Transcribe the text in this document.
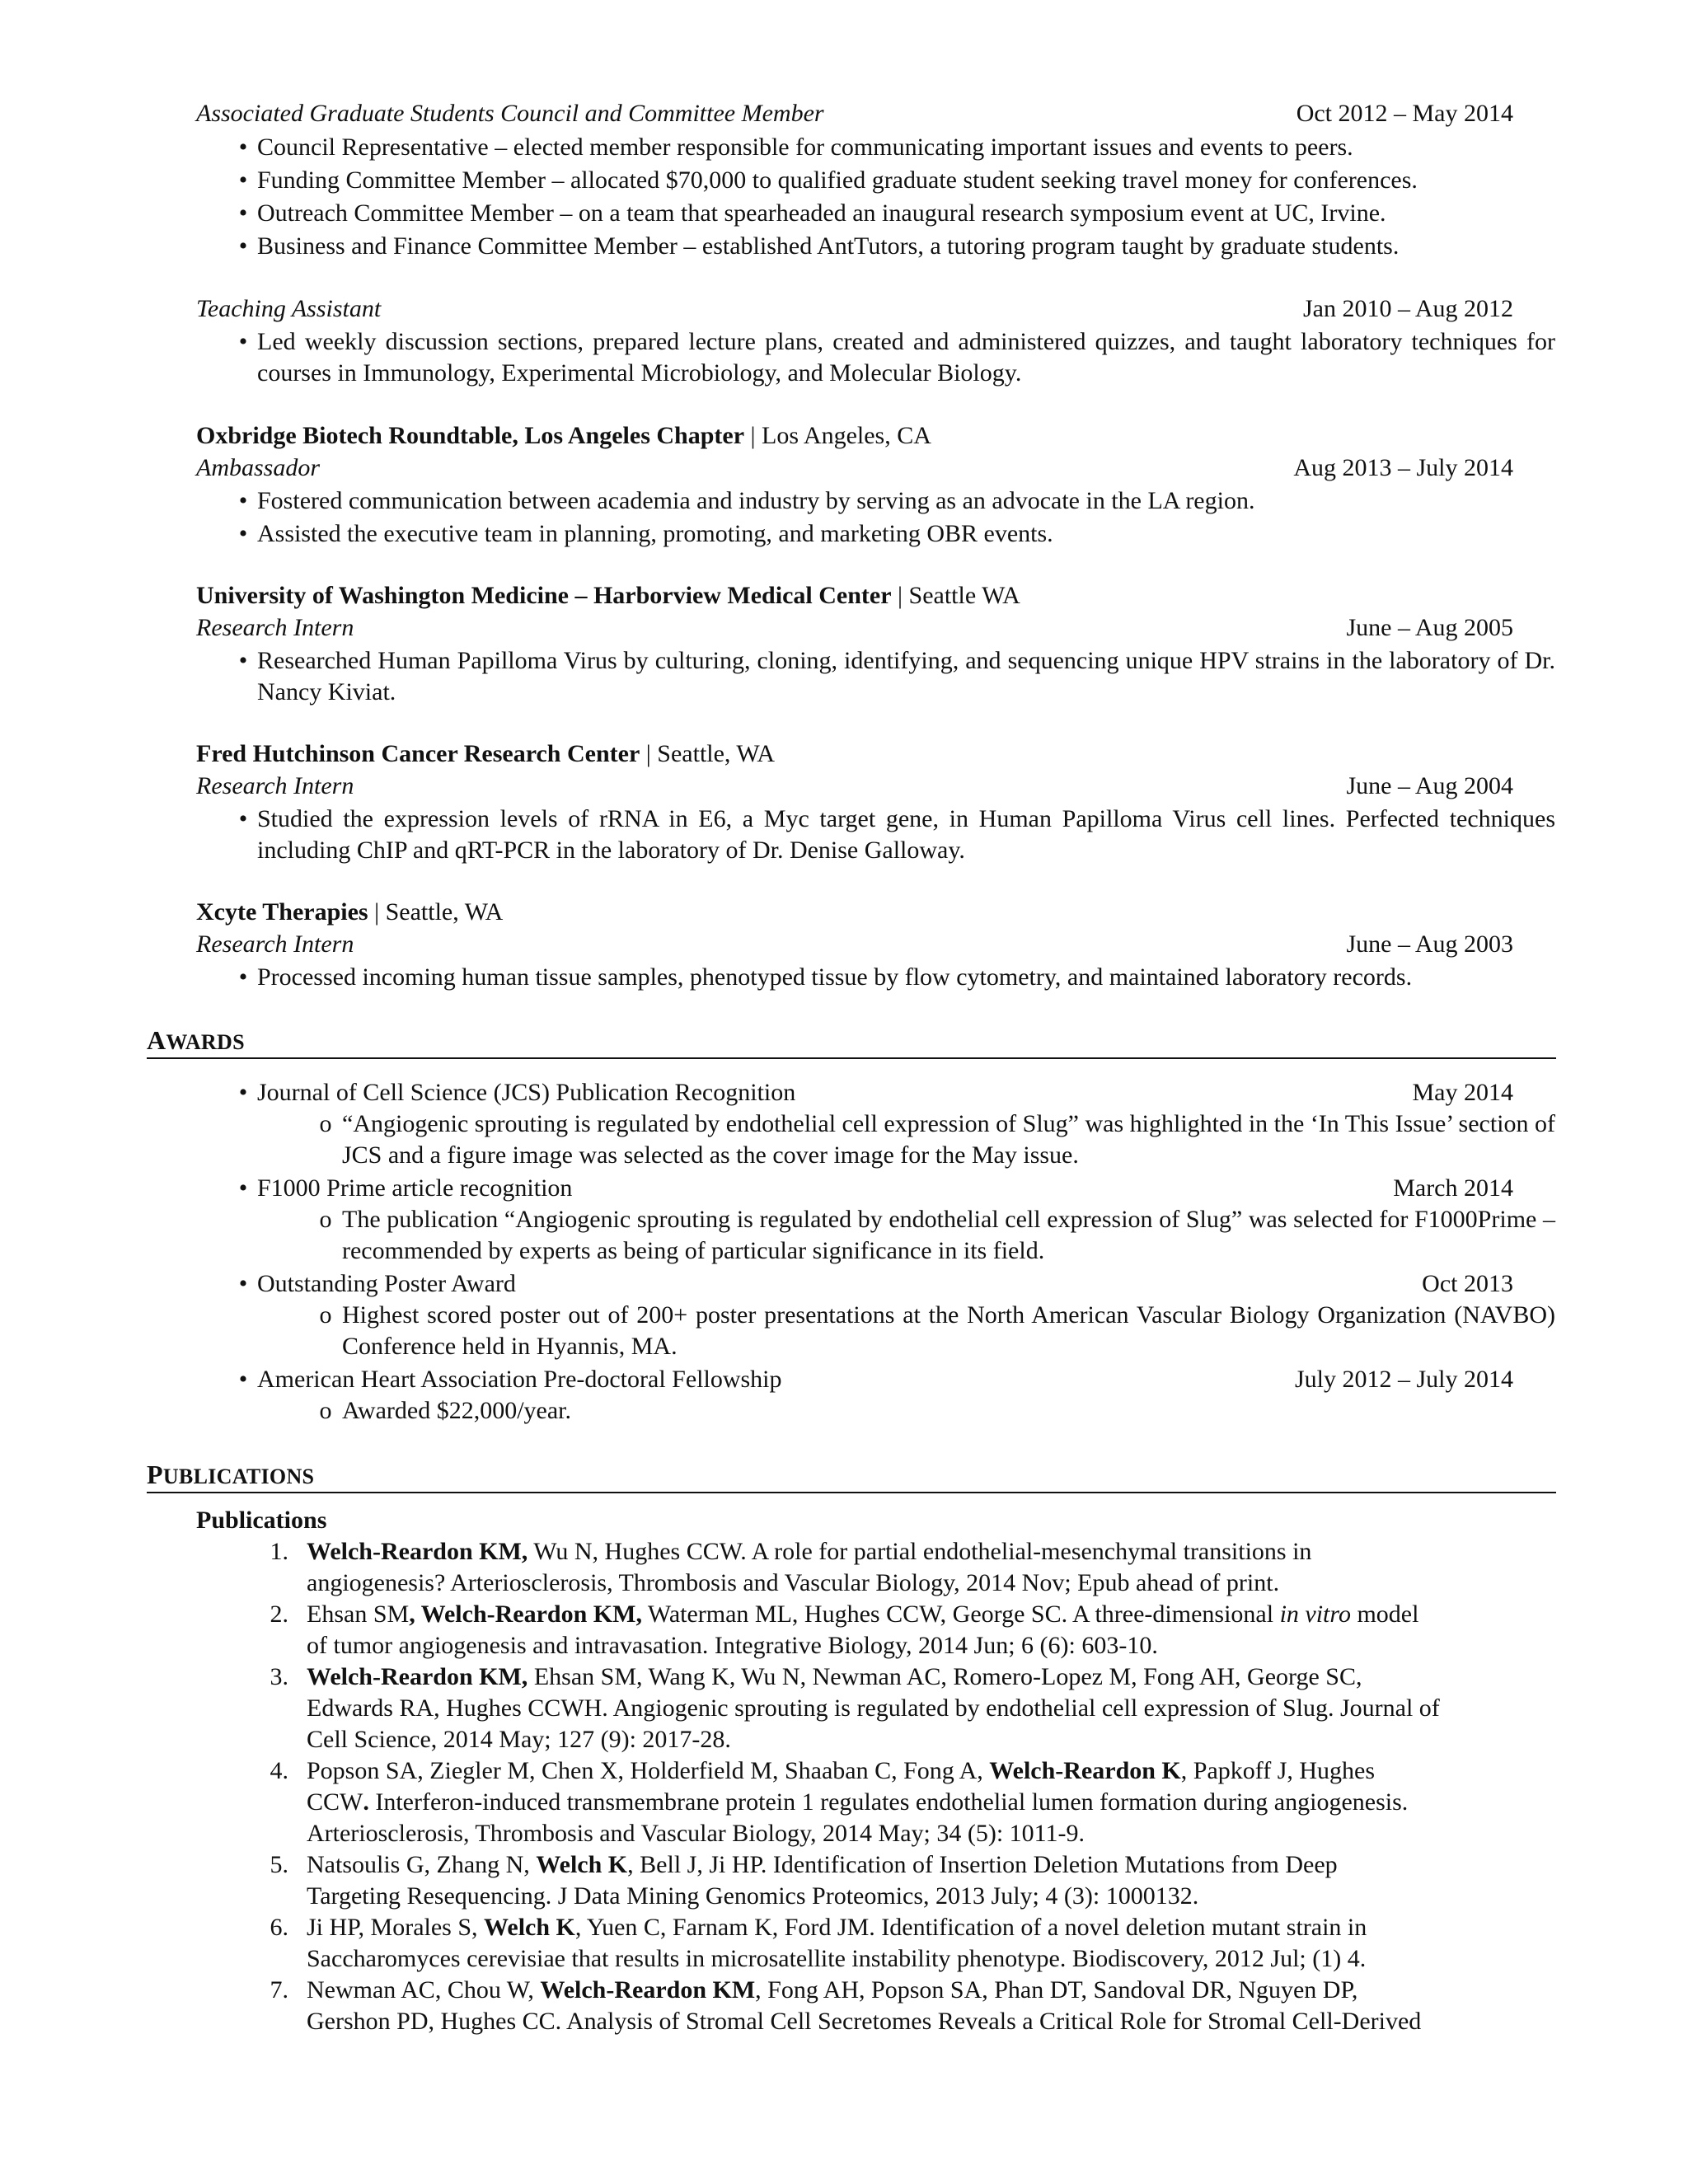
Associated Graduate Students Council and Committee Member	Oct 2012 – May 2014
• Council Representative – elected member responsible for communicating important issues and events to peers.
• Funding Committee Member – allocated $70,000 to qualified graduate student seeking travel money for conferences.
• Outreach Committee Member – on a team that spearheaded an inaugural research symposium event at UC, Irvine.
• Business and Finance Committee Member – established AntTutors, a tutoring program taught by graduate students.
Teaching Assistant	Jan 2010 – Aug 2012
• Led weekly discussion sections, prepared lecture plans, created and administered quizzes, and taught laboratory techniques for courses in Immunology, Experimental Microbiology, and Molecular Biology.
Oxbridge Biotech Roundtable, Los Angeles Chapter | Los Angeles, CA
Ambassador	Aug 2013 – July 2014
• Fostered communication between academia and industry by serving as an advocate in the LA region.
• Assisted the executive team in planning, promoting, and marketing OBR events.
University of Washington Medicine – Harborview Medical Center | Seattle WA
Research Intern	June – Aug 2005
• Researched Human Papilloma Virus by culturing, cloning, identifying, and sequencing unique HPV strains in the laboratory of Dr. Nancy Kiviat.
Fred Hutchinson Cancer Research Center | Seattle, WA
Research Intern	June – Aug 2004
• Studied the expression levels of rRNA in E6, a Myc target gene, in Human Papilloma Virus cell lines. Perfected techniques including ChIP and qRT-PCR in the laboratory of Dr. Denise Galloway.
Xcyte Therapies | Seattle, WA
Research Intern	June – Aug 2003
• Processed incoming human tissue samples, phenotyped tissue by flow cytometry, and maintained laboratory records.
AWARDS
• Journal of Cell Science (JCS) Publication Recognition	May 2014
o “Angiogenic sprouting is regulated by endothelial cell expression of Slug” was highlighted in the ‘In This Issue’ section of JCS and a figure image was selected as the cover image for the May issue.
• F1000 Prime article recognition	March 2014
o The publication “Angiogenic sprouting is regulated by endothelial cell expression of Slug” was selected for F1000Prime – recommended by experts as being of particular significance in its field.
• Outstanding Poster Award	Oct 2013
o Highest scored poster out of 200+ poster presentations at the North American Vascular Biology Organization (NAVBO) Conference held in Hyannis, MA.
• American Heart Association Pre-doctoral Fellowship	July 2012 – July 2014
o Awarded $22,000/year.
PUBLICATIONS
Publications
1. Welch-Reardon KM, Wu N, Hughes CCW. A role for partial endothelial-mesenchymal transitions in
angiogenesis? Arteriosclerosis, Thrombosis and Vascular Biology, 2014 Nov; Epub ahead of print.
2. Ehsan SM, Welch-Reardon KM, Waterman ML, Hughes CCW, George SC. A three-dimensional in vitro model
of tumor angiogenesis and intravasation. Integrative Biology, 2014 Jun; 6 (6): 603-10.
3. Welch-Reardon KM, Ehsan SM, Wang K, Wu N, Newman AC, Romero-Lopez M, Fong AH, George SC,
Edwards RA, Hughes CCWH. Angiogenic sprouting is regulated by endothelial cell expression of Slug. Journal of
Cell Science, 2014 May; 127 (9): 2017-28.
4. Popson SA, Ziegler M, Chen X, Holderfield M, Shaaban C, Fong A, Welch-Reardon K, Papkoff J, Hughes
CCW. Interferon-induced transmembrane protein 1 regulates endothelial lumen formation during angiogenesis.
Arteriosclerosis, Thrombosis and Vascular Biology, 2014 May; 34 (5): 1011-9.
5. Natsoulis G, Zhang N, Welch K, Bell J, Ji HP. Identification of Insertion Deletion Mutations from Deep
Targeting Resequencing. J Data Mining Genomics Proteomics, 2013 July; 4 (3): 1000132.
6. Ji HP, Morales S, Welch K, Yuen C, Farnam K, Ford JM. Identification of a novel deletion mutant strain in
Saccharomyces cerevisiae that results in microsatellite instability phenotype. Biodiscovery, 2012 Jul; (1) 4.
7. Newman AC, Chou W, Welch-Reardon KM, Fong AH, Popson SA, Phan DT, Sandoval DR, Nguyen DP,
Gershon PD, Hughes CC. Analysis of Stromal Cell Secretomes Reveals a Critical Role for Stromal Cell-Derived
